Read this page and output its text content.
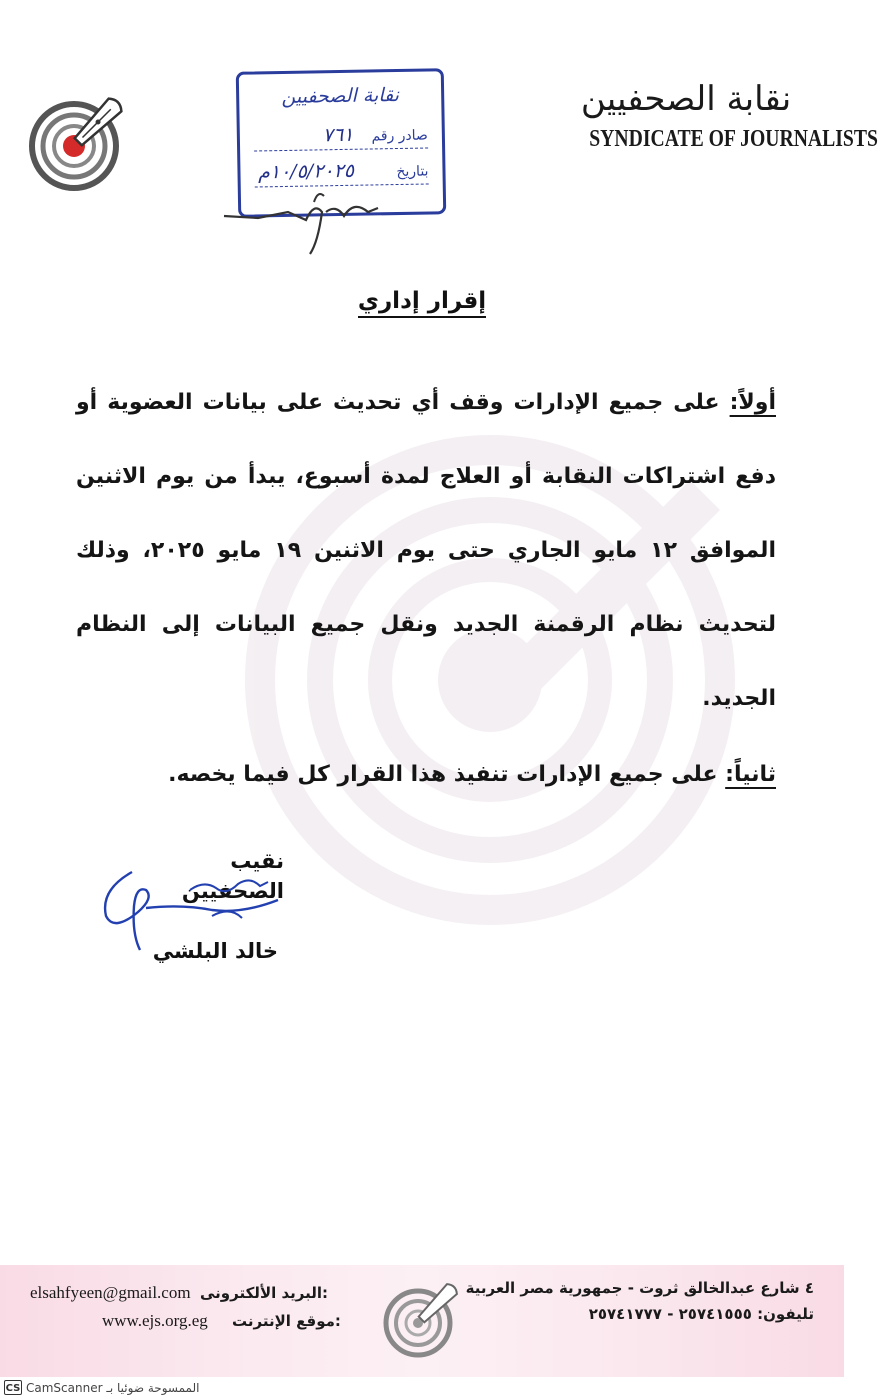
نقابة الصحفيين
SYNDICATE OF JOURNALISTS
نقابة الصحفيين
صادر رقم ٧٦١
بتاريخ ١٠/٥/٢٠٢٥م
إقرار إداري
أولاً: على جميع الإدارات وقف أي تحديث على بيانات العضوية أو دفع اشتراكات النقابة أو العلاج لمدة أسبوع، يبدأ من يوم الاثنين الموافق ١٢ مايو الجاري حتى يوم الاثنين ١٩ مايو ٢٠٢٥، وذلك لتحديث نظام الرقمنة الجديد ونقل جميع البيانات إلى النظام الجديد.
ثانياً: على جميع الإدارات تنفيذ هذا القرار كل فيما يخصه.
نقيب الصحفيين
خالد البلشي
elsahfyeen@gmail.com البريد الألكترونى:
www.ejs.org.eg موقع الإنترنت:
٤ شارع عبدالخالق ثروت - جمهورية مصر العربية
تليفون: ٢٥٧٤١٥٥٥ - ٢٥٧٤١٧٧٧
CS الممسوحة ضوئيا بـ CamScanner
